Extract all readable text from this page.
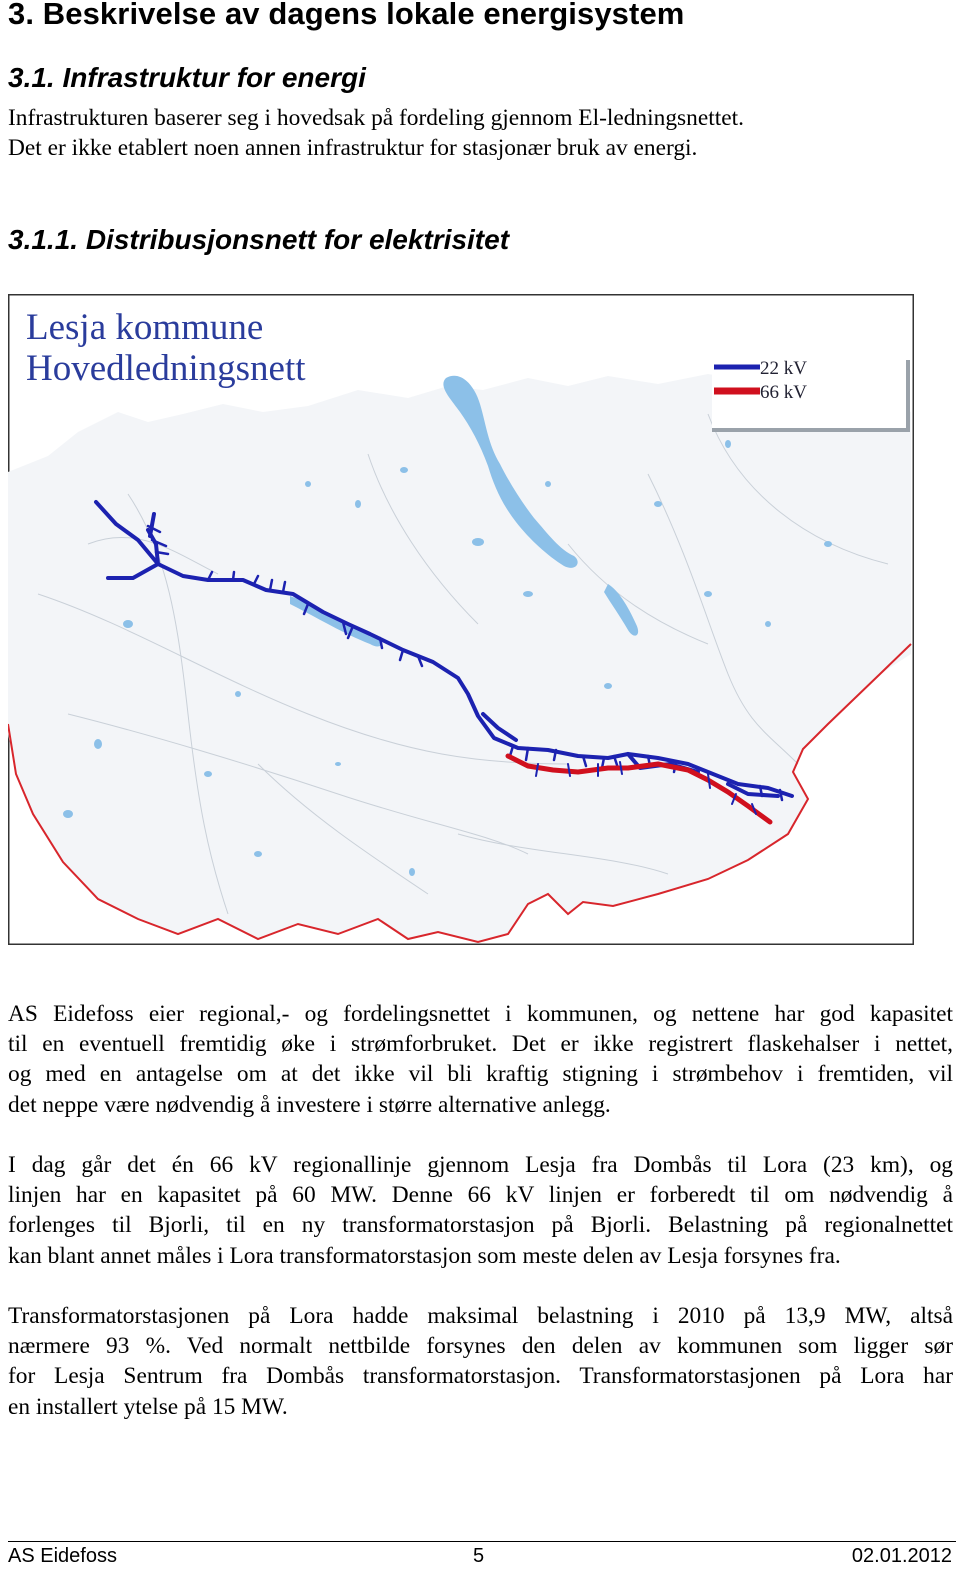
3. Beskrivelse av dagens lokale energisystem
3.1. Infrastruktur for energi

Infrastrukturen baserer seg i hovedsak på fordeling gjennom El-ledningsnettet.
Det er ikke etablert noen annen infrastruktur for stasjonær bruk av energi.

3.1.1. Distribusjonsnett for elektrisitet
22 kV
66 kV
Lesja kommune
Hovedledningsnett

AS Eidefoss eier regional,- og fordelingsnettet i kommunen, og nettene har god kapasitet
til en eventuell fremtidig øke i strømforbruket. Det er ikke registrert flaskehalser i nettet,
og med en antagelse om at det ikke vil bli kraftig stigning i strømbehov i fremtiden, vil
det neppe være nødvendig å investere i større alternative anlegg.

I dag går det én 66 kV regionallinje gjennom Lesja fra Dombås til Lora (23 km), og
linjen har en kapasitet på 60 MW. Denne 66 kV linjen er forberedt til om nødvendig å
forlenges til Bjorli, til en ny transformatorstasjon på Bjorli. Belastning på regionalnettet
kan blant annet måles i Lora transformatorstasjon som meste delen av Lesja forsynes fra.

Transformatorstasjonen på Lora hadde maksimal belastning i 2010 på 13,9 MW, altså
nærmere 93 %. Ved normalt nettbilde forsynes den delen av kommunen som ligger sør
for Lesja Sentrum fra Dombås transformatorstasjon. Transformatorstasjonen på Lora har
en installert ytelse på 15 MW.

AS Eidefoss	5	02.01.2012
